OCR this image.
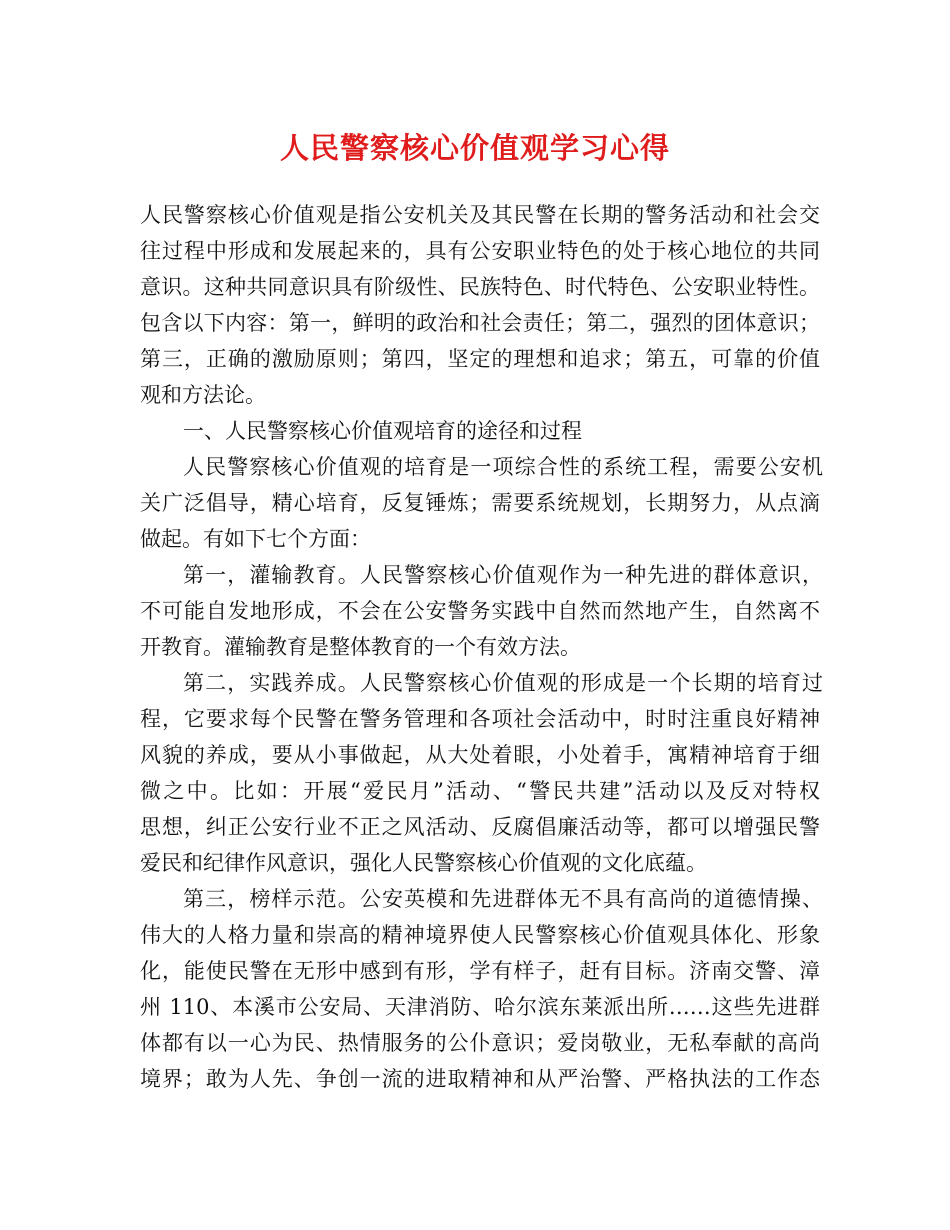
人民警察核心价值观学习心得
人民警察核心价值观是指公安机关及其民警在长期的警务活动和社会交
往过程中形成和发展起来的，具有公安职业特色的处于核心地位的共同
意识。这种共同意识具有阶级性、民族特色、时代特色、公安职业特性。
包含以下内容：第一，鲜明的政治和社会责任；第二，强烈的团体意识；
第三，正确的激励原则；第四，坚定的理想和追求；第五，可靠的价值
观和方法论。
一、人民警察核心价值观培育的途径和过程
人民警察核心价值观的培育是一项综合性的系统工程，需要公安机
关广泛倡导，精心培育，反复锤炼；需要系统规划，长期努力，从点滴
做起。有如下七个方面：
第一，灌输教育。人民警察核心价值观作为一种先进的群体意识，
不可能自发地形成，不会在公安警务实践中自然而然地产生，自然离不
开教育。灌输教育是整体教育的一个有效方法。
第二，实践养成。人民警察核心价值观的形成是一个长期的培育过
程，它要求每个民警在警务管理和各项社会活动中，时时注重良好精神
风貌的养成，要从小事做起，从大处着眼，小处着手，寓精神培育于细
微之中。比如：开展“爱民月”活动、“警民共建”活动以及反对特权
思想，纠正公安行业不正之风活动、反腐倡廉活动等，都可以增强民警
爱民和纪律作风意识，强化人民警察核心价值观的文化底蕴。
第三，榜样示范。公安英模和先进群体无不具有高尚的道德情操、
伟大的人格力量和崇高的精神境界使人民警察核心价值观具体化、形象
化，能使民警在无形中感到有形，学有样子，赶有目标。济南交警、漳
州 110、本溪市公安局、天津消防、哈尔滨东莱派出所……这些先进群
体都有以一心为民、热情服务的公仆意识；爱岗敬业，无私奉献的高尚
境界；敢为人先、争创一流的进取精神和从严治警、严格执法的工作态
